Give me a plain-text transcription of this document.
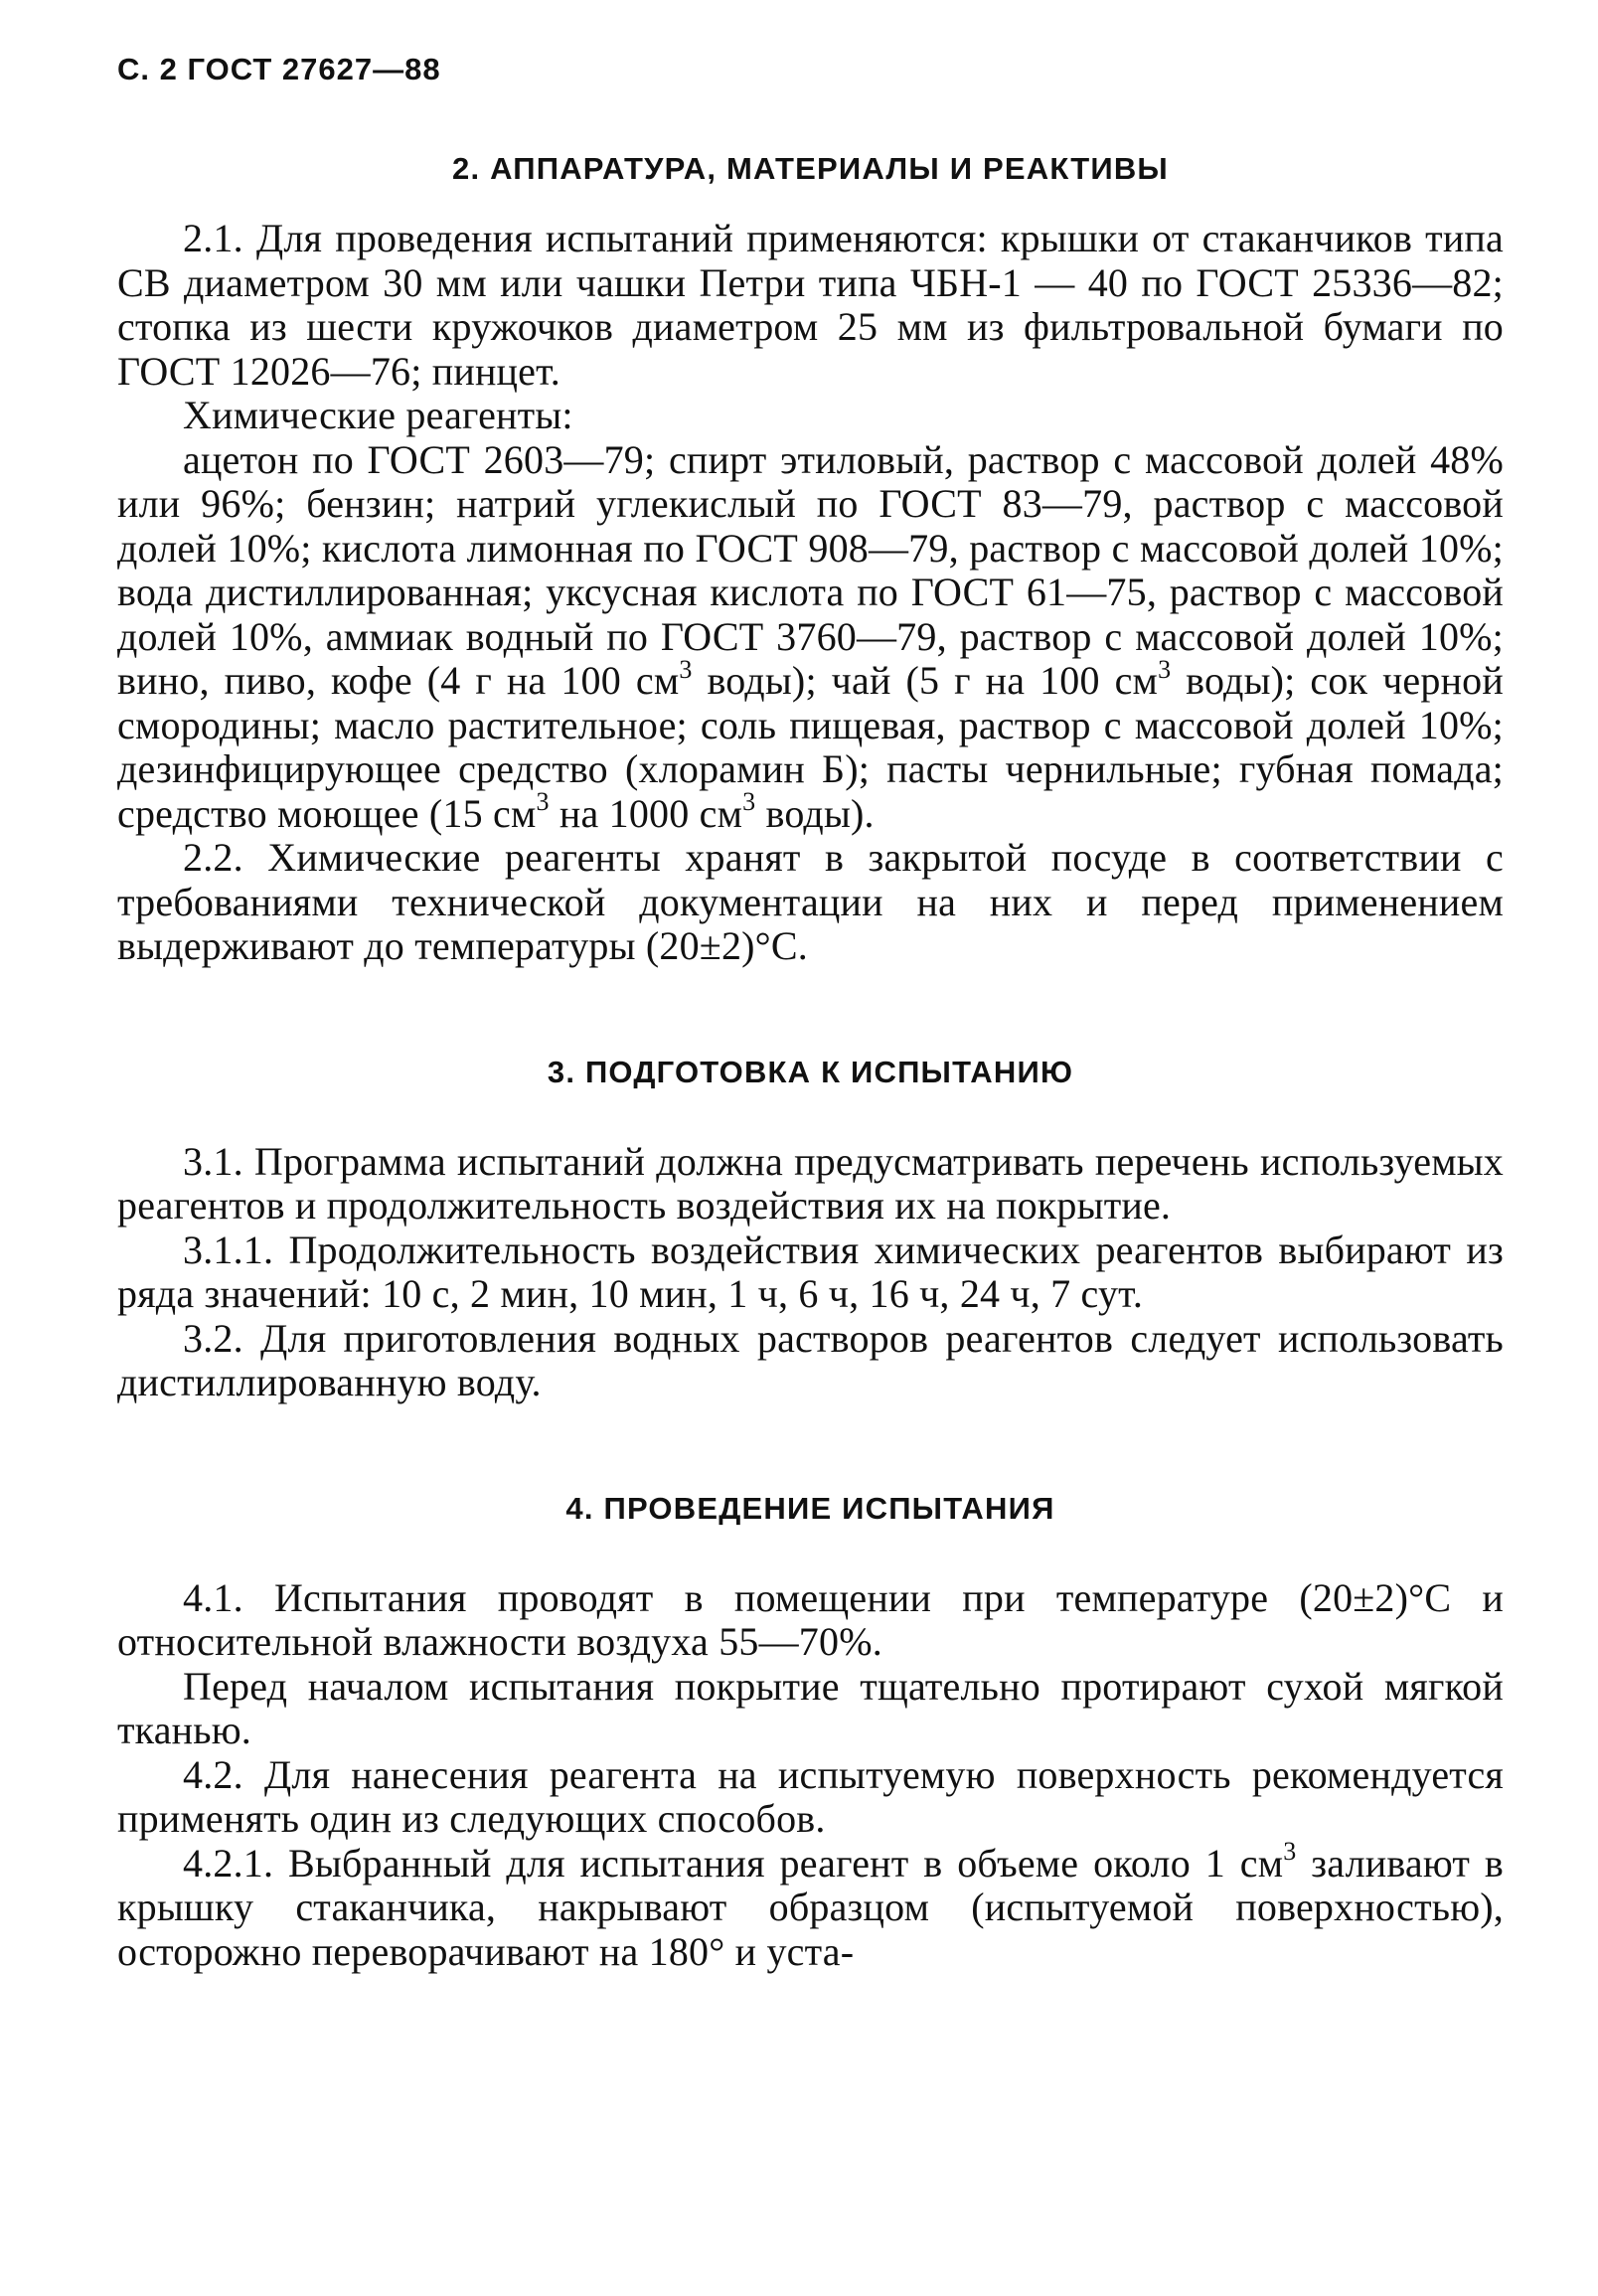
С. 2 ГОСТ 27627—88
2. АППАРАТУРА, МАТЕРИАЛЫ И РЕАКТИВЫ

2.1. Для проведения испытаний применяются: крышки от стаканчиков типа СВ диаметром 30 мм или чашки Петри типа ЧБН-1 — 40 по ГОСТ 25336—82; стопка из шести кружочков диаметром 25 мм из фильтровальной бумаги по ГОСТ 12026—76; пинцет.

Химические реагенты:

ацетон по ГОСТ 2603—79; спирт этиловый, раствор с массовой долей 48% или 96%; бензин; натрий углекислый по ГОСТ 83—79, раствор с массовой долей 10%; кислота лимонная по ГОСТ 908—79, раствор с массовой долей 10%; вода дистиллированная; уксусная кислота по ГОСТ 61—75, раствор с массовой долей 10%, аммиак водный по ГОСТ 3760—79, раствор с массовой долей 10%; вино, пиво, кофе (4 г на 100 $см^3$ воды); чай (5 г на 100 $см^3$ воды); сок черной смородины; масло растительное; соль пищевая, раствор с массовой долей 10%; дезинфицирующее средство (хлорамин Б); пасты чернильные; губная помада; средство моющее (15 $см^3$ на 1000 $см^3$ воды).

2.2. Химические реагенты хранят в закрытой посуде в соответствии с требованиями технической документации на них и перед применением выдерживают до температуры (20±2)°С.

3. ПОДГОТОВКА К ИСПЫТАНИЮ

3.1. Программа испытаний должна предусматривать перечень используемых реагентов и продолжительность воздействия их на покрытие.

3.1.1. Продолжительность воздействия химических реагентов выбирают из ряда значений: 10 с, 2 мин, 10 мин, 1 ч, 6 ч, 16 ч, 24 ч, 7 сут.

3.2. Для приготовления водных растворов реагентов следует использовать дистиллированную воду.

4. ПРОВЕДЕНИЕ ИСПЫТАНИЯ

4.1. Испытания проводят в помещении при температуре (20±2)°С и относительной влажности воздуха 55—70%.

Перед началом испытания покрытие тщательно протирают сухой мягкой тканью.

4.2. Для нанесения реагента на испытуемую поверхность рекомендуется применять один из следующих способов.

4.2.1. Выбранный для испытания реагент в объеме около 1 $см^3$ заливают в крышку стаканчика, накрывают образцом (испытуемой поверхностью), осторожно переворачивают на 180° и уста-
